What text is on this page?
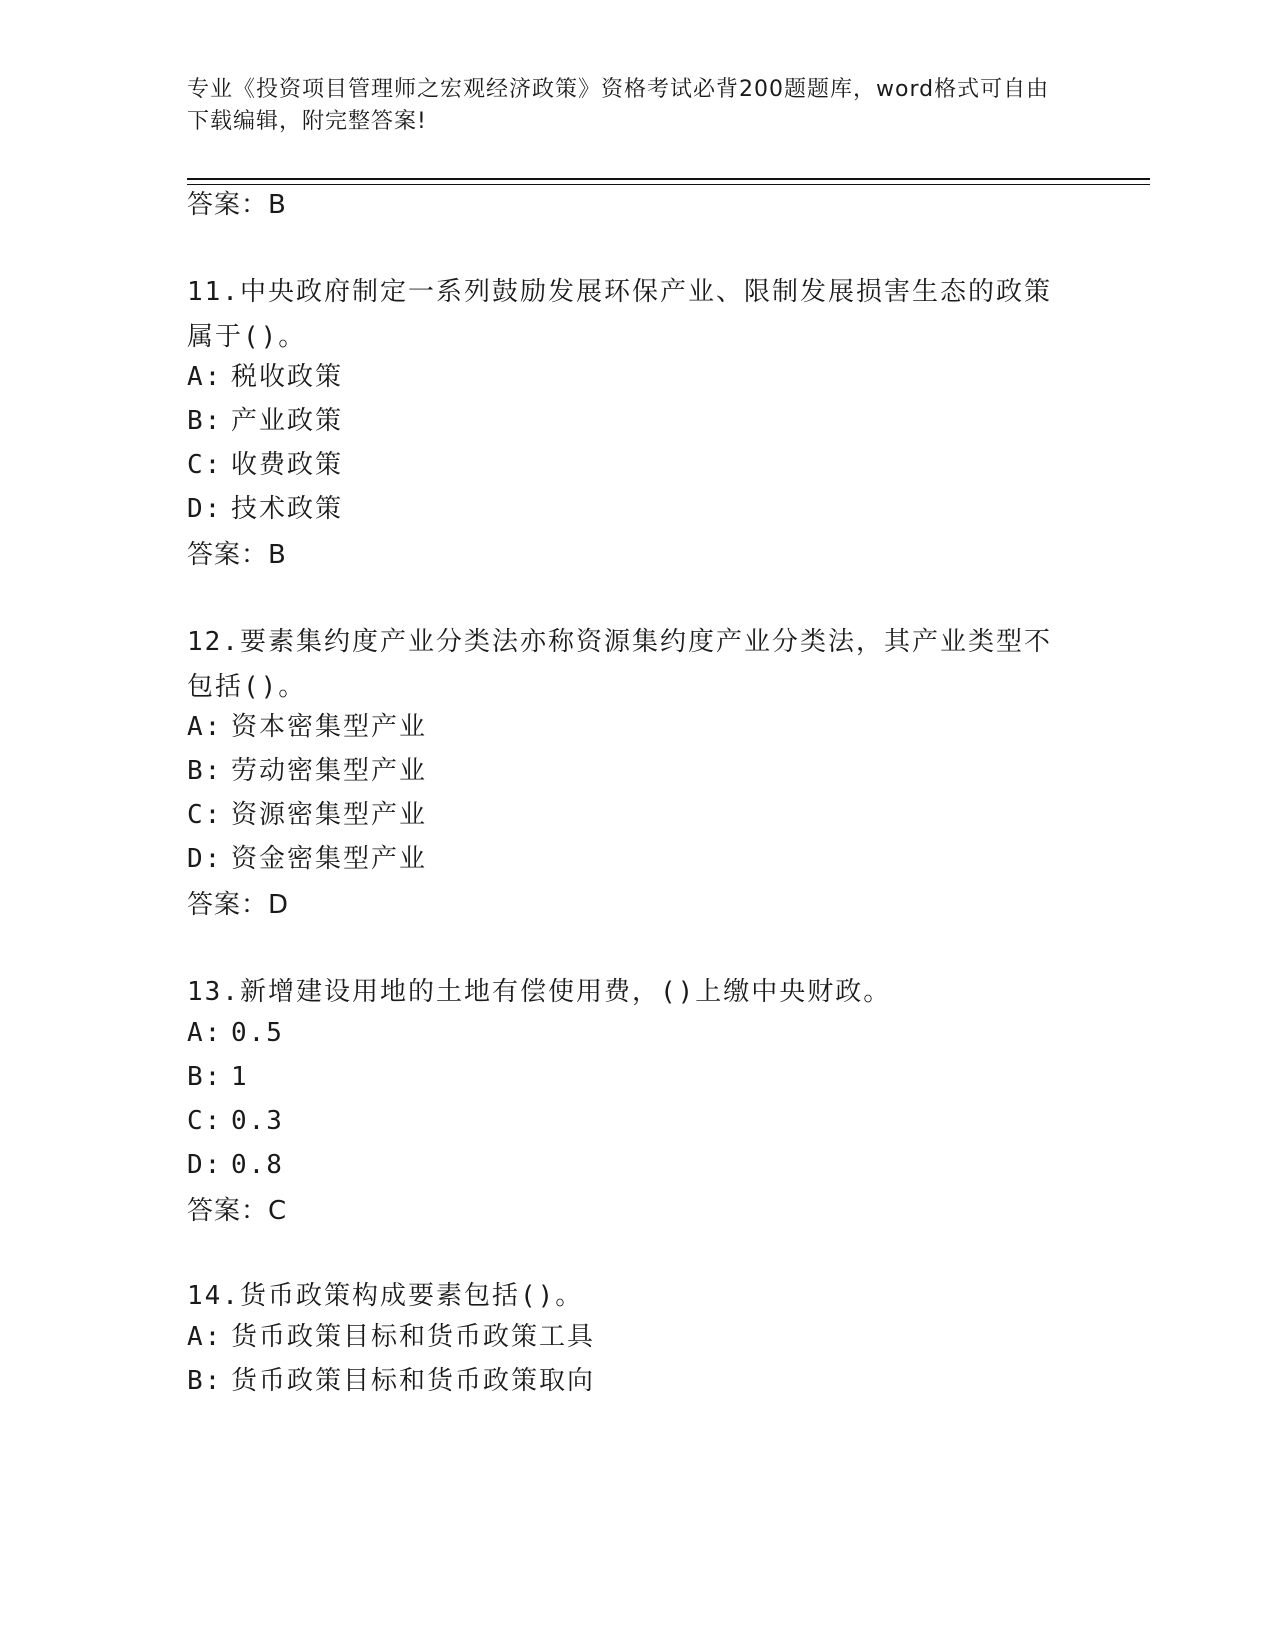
专业《投资项目管理师之宏观经济政策》资格考试必背200题题库，word格式可自由下载编辑，附完整答案!
答案：B
11.中央政府制定一系列鼓励发展环保产业、限制发展损害生态的政策属于()。
A: 税收政策
B: 产业政策
C: 收费政策
D: 技术政策
答案：B
12.要素集约度产业分类法亦称资源集约度产业分类法，其产业类型不包括()。
A: 资本密集型产业
B: 劳动密集型产业
C: 资源密集型产业
D: 资金密集型产业
答案：D
13.新增建设用地的土地有偿使用费，()上缴中央财政。
A: 0.5
B: 1
C: 0.3
D: 0.8
答案：C
14.货币政策构成要素包括()。
A: 货币政策目标和货币政策工具
B: 货币政策目标和货币政策取向
